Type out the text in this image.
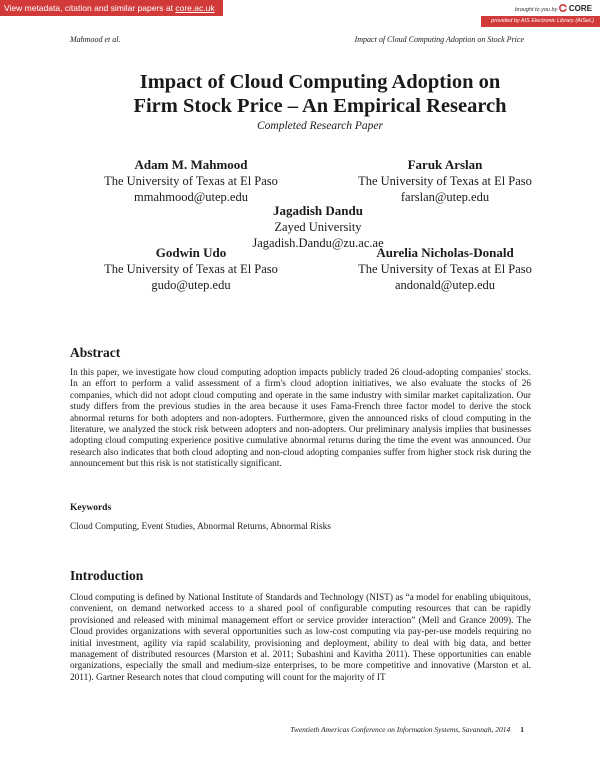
View metadata, citation and similar papers at core.ac.uk	brought to you by CORE
provided by AIS Electronic Library (AISeL)
Mahmood et al.	Impact of Cloud Computing Adoption on Stock Price
Impact of Cloud Computing Adoption on
Firm Stock Price – An Empirical Research
Completed Research Paper
Adam M. Mahmood
The University of Texas at El Paso
mmahmood@utep.edu
Faruk Arslan
The University of Texas at El Paso
farslan@utep.edu
Jagadish Dandu
Zayed University
Jagadish.Dandu@zu.ac.ae
Godwin Udo
The University of Texas at El Paso
gudo@utep.edu
Aurelia Nicholas-Donald
The University of Texas at El Paso
andonald@utep.edu
Abstract
In this paper, we investigate how cloud computing adoption impacts publicly traded 26 cloud-adopting companies' stocks. In an effort to perform a valid assessment of a firm's cloud adoption initiatives, we also evaluate the stocks of 26 companies, which did not adopt cloud computing and operate in the same industry with similar market capitalization. Our study differs from the previous studies in the area because it uses Fama-French three factor model to derive the stock abnormal returns for both adopters and non-adopters. Furthermore, given the announced risks of cloud computing in the literature, we analyzed the stock risk between adopters and non-adopters. Our preliminary analysis implies that businesses adopting cloud computing experience positive cumulative abnormal returns during the time the event was announced. Our research also indicates that both cloud adopting and non-cloud adopting companies suffer from higher stock risk during the announcement but this risk is not statistically significant.
Keywords
Cloud Computing, Event Studies, Abnormal Returns, Abnormal Risks
Introduction
Cloud computing is defined by National Institute of Standards and Technology (NIST) as “a model for enabling ubiquitous, convenient, on demand networked access to a shared pool of configurable computing resources that can be rapidly provisioned and released with minimal management effort or service provider interaction” (Mell and Grance 2009). The Cloud provides organizations with several opportunities such as low-cost computing via pay-per-use models requiring no initial investment, agility via rapid scalability, provisioning and deployment, ability to deal with big data, and better management of distributed resources (Marston et al. 2011; Subashini and Kavitha 2011). These opportunities can enable organizations, especially the small and medium-size enterprises, to be more competitive and innovative (Marston et al. 2011). Gartner Research notes that cloud computing will count for the majority of IT
Twentieth Americas Conference on Information Systems, Savannah, 2014 1
